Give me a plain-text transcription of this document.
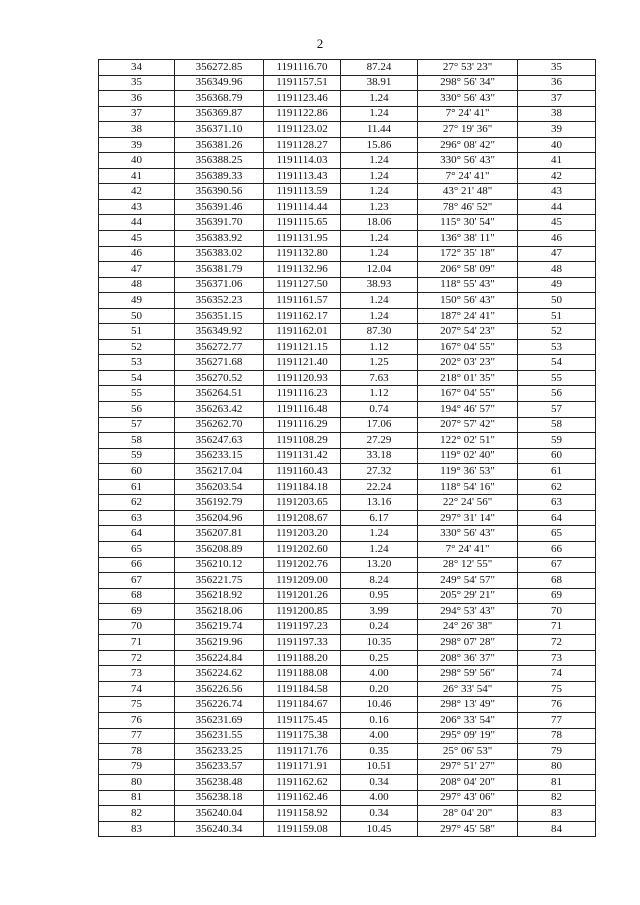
2
34	356272.85	1191116.70	87.24	27° 53' 23"	35
35	356349.96	1191157.51	38.91	298° 56' 34"	36
36	356368.79	1191123.46	1.24	330° 56' 43"	37
37	356369.87	1191122.86	1.24	7° 24' 41"	38
38	356371.10	1191123.02	11.44	27° 19' 36"	39
39	356381.26	1191128.27	15.86	296° 08' 42"	40
40	356388.25	1191114.03	1.24	330° 56' 43"	41
41	356389.33	1191113.43	1.24	7° 24' 41"	42
42	356390.56	1191113.59	1.24	43° 21' 48"	43
43	356391.46	1191114.44	1.23	78° 46' 52"	44
44	356391.70	1191115.65	18.06	115° 30' 54"	45
45	356383.92	1191131.95	1.24	136° 38' 11"	46
46	356383.02	1191132.80	1.24	172° 35' 18"	47
47	356381.79	1191132.96	12.04	206° 58' 09"	48
48	356371.06	1191127.50	38.93	118° 55' 43"	49
49	356352.23	1191161.57	1.24	150° 56' 43"	50
50	356351.15	1191162.17	1.24	187° 24' 41"	51
51	356349.92	1191162.01	87.30	207° 54' 23"	52
52	356272.77	1191121.15	1.12	167° 04' 55"	53
53	356271.68	1191121.40	1.25	202° 03' 23"	54
54	356270.52	1191120.93	7.63	218° 01' 35"	55
55	356264.51	1191116.23	1.12	167° 04' 55"	56
56	356263.42	1191116.48	0.74	194° 46' 57"	57
57	356262.70	1191116.29	17.06	207° 57' 42"	58
58	356247.63	1191108.29	27.29	122° 02' 51"	59
59	356233.15	1191131.42	33.18	119° 02' 40"	60
60	356217.04	1191160.43	27.32	119° 36' 53"	61
61	356203.54	1191184.18	22.24	118° 54' 16"	62
62	356192.79	1191203.65	13.16	22° 24' 56"	63
63	356204.96	1191208.67	6.17	297° 31' 14"	64
64	356207.81	1191203.20	1.24	330° 56' 43"	65
65	356208.89	1191202.60	1.24	7° 24' 41"	66
66	356210.12	1191202.76	13.20	28° 12' 55"	67
67	356221.75	1191209.00	8.24	249° 54' 57"	68
68	356218.92	1191201.26	0.95	205° 29' 21"	69
69	356218.06	1191200.85	3.99	294° 53' 43"	70
70	356219.74	1191197.23	0.24	24° 26' 38"	71
71	356219.96	1191197.33	10.35	298° 07' 28"	72
72	356224.84	1191188.20	0.25	208° 36' 37"	73
73	356224.62	1191188.08	4.00	298° 59' 56"	74
74	356226.56	1191184.58	0.20	26° 33' 54"	75
75	356226.74	1191184.67	10.46	298° 13' 49"	76
76	356231.69	1191175.45	0.16	206° 33' 54"	77
77	356231.55	1191175.38	4.00	295° 09' 19"	78
78	356233.25	1191171.76	0.35	25° 06' 53"	79
79	356233.57	1191171.91	10.51	297° 51' 27"	80
80	356238.48	1191162.62	0.34	208° 04' 20"	81
81	356238.18	1191162.46	4.00	297° 43' 06"	82
82	356240.04	1191158.92	0.34	28° 04' 20"	83
83	356240.34	1191159.08	10.45	297° 45' 58"	84
